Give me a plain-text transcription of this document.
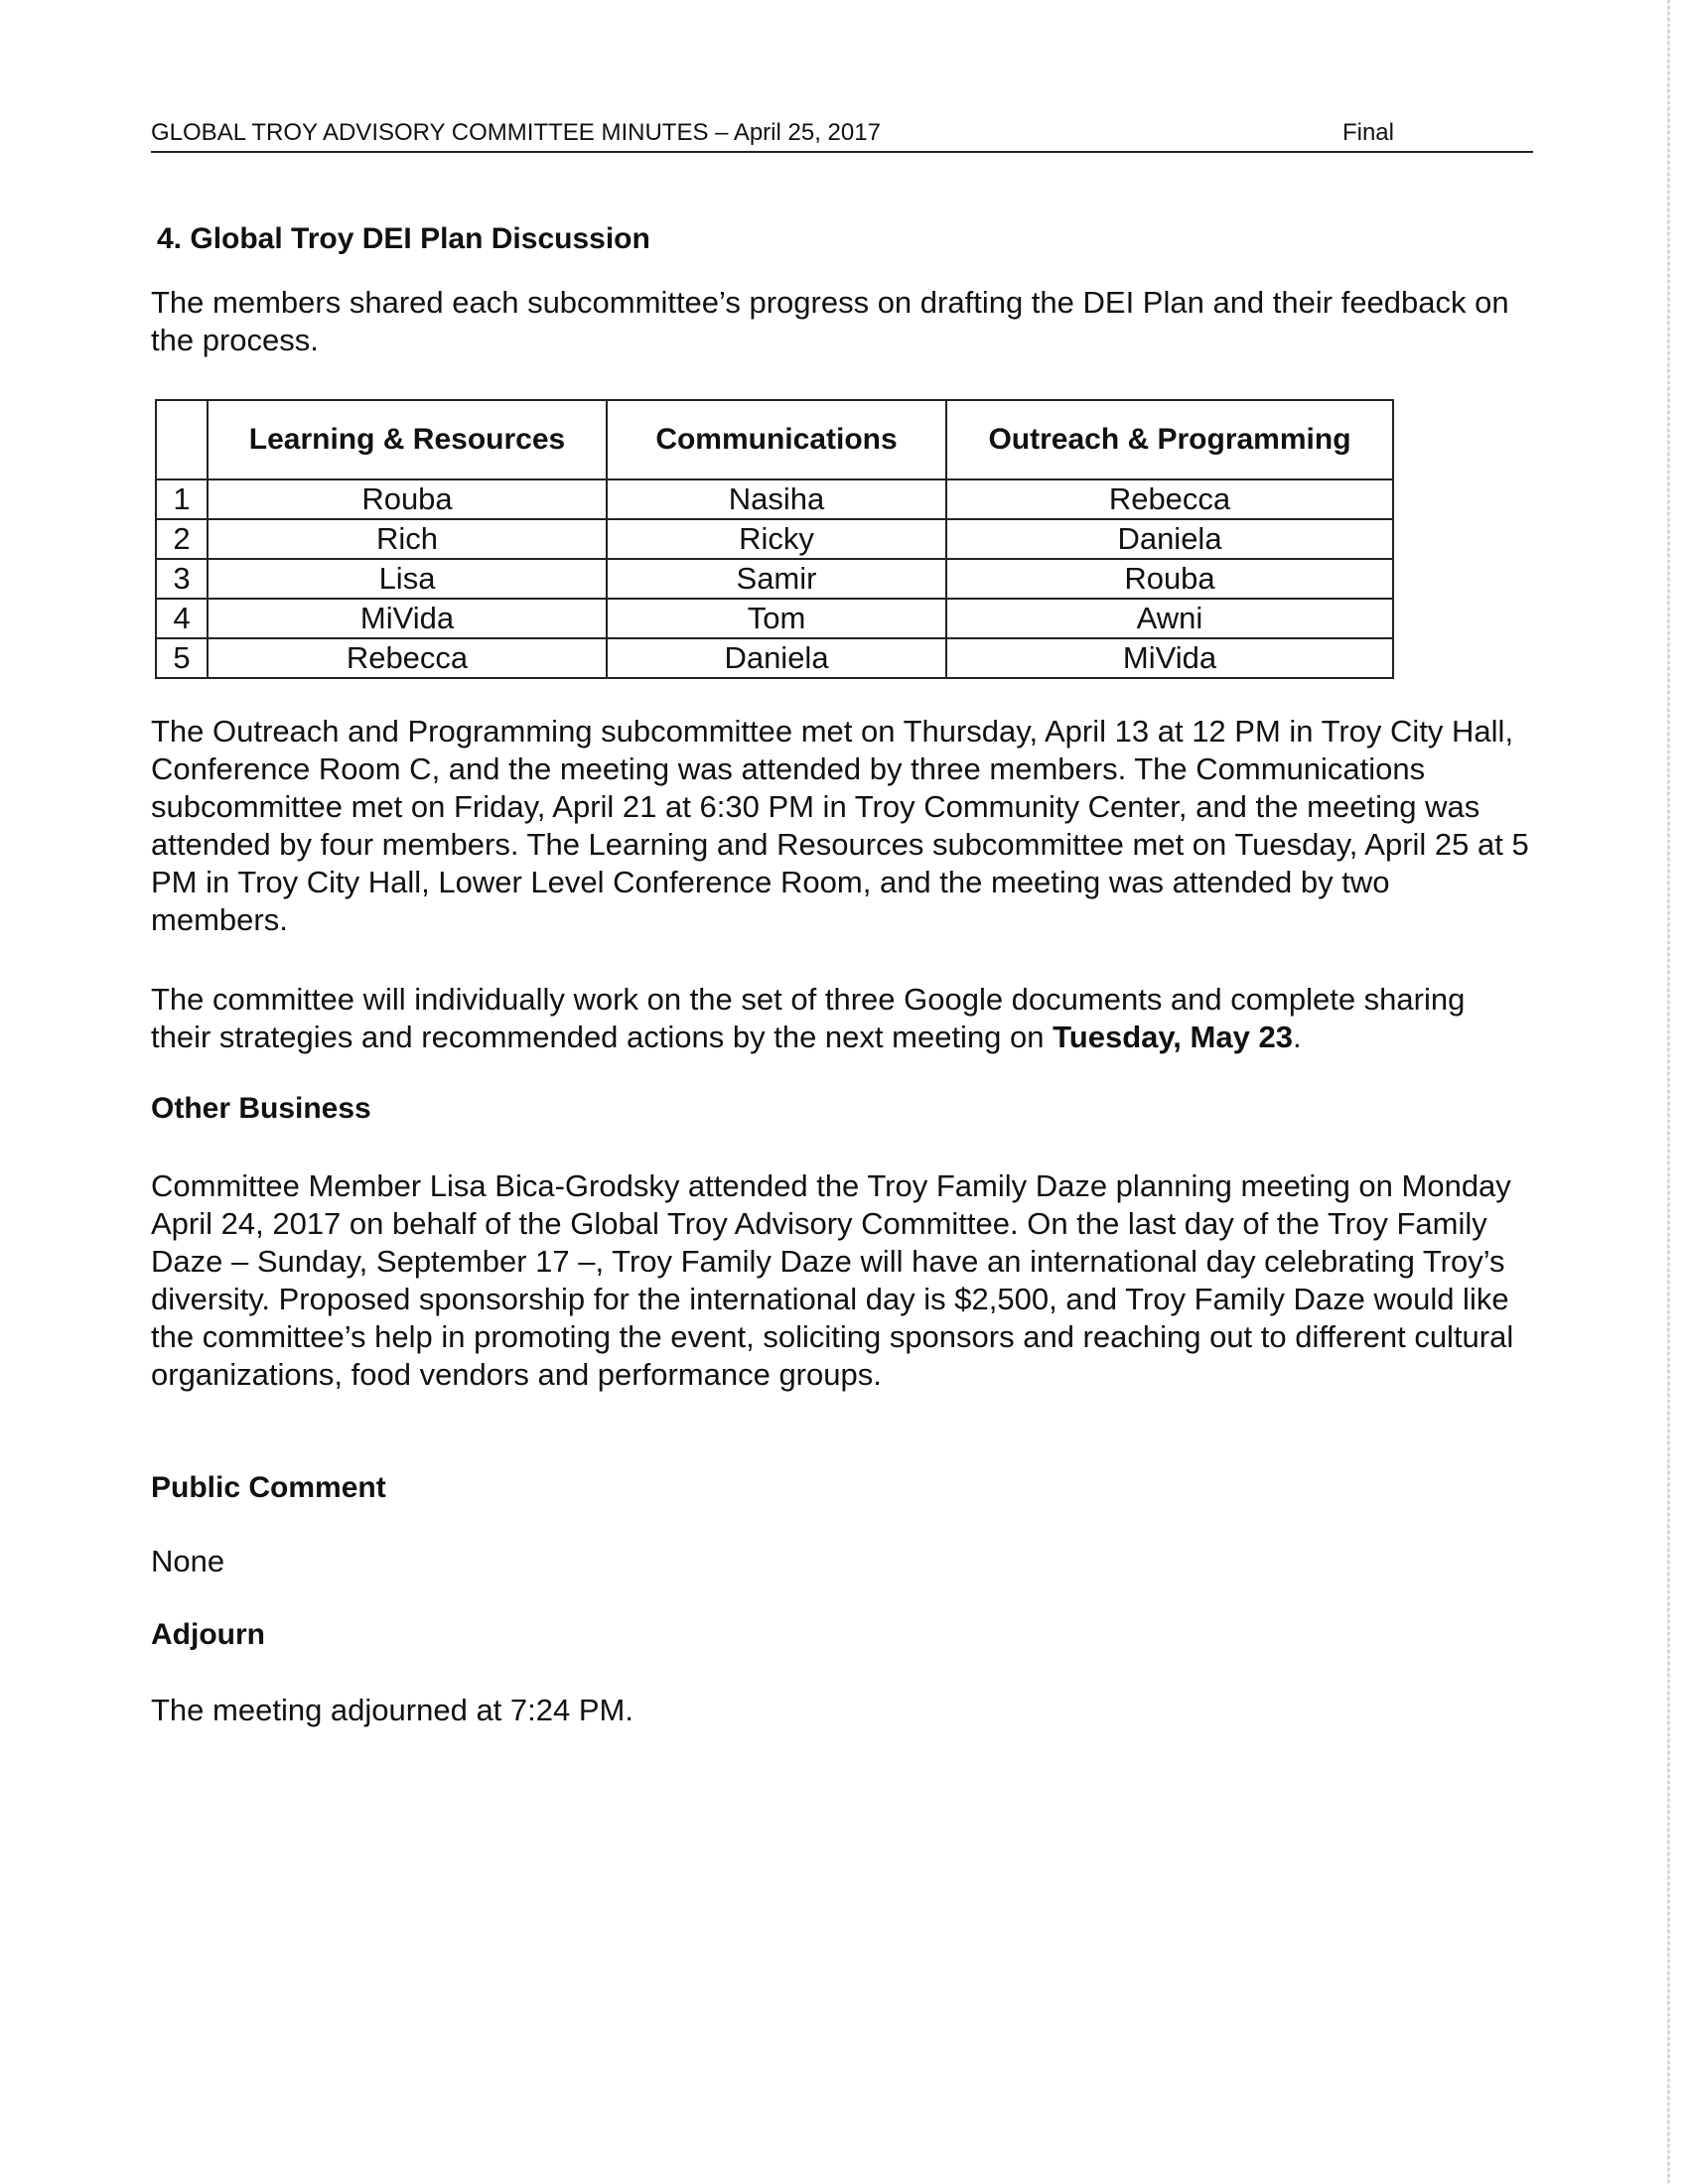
GLOBAL TROY ADVISORY COMMITTEE MINUTES – April 25, 2017	Final
4. Global Troy DEI Plan Discussion

The members shared each subcommittee’s progress on drafting the DEI Plan and their feedback on the process.

	Learning & Resources	Communications	Outreach & Programming
1	Rouba	Nasiha	Rebecca
2	Rich	Ricky	Daniela
3	Lisa	Samir	Rouba
4	MiVida	Tom	Awni
5	Rebecca	Daniela	MiVida

The Outreach and Programming subcommittee met on Thursday, April 13 at 12 PM in Troy City Hall, Conference Room C, and the meeting was attended by three members. The Communications subcommittee met on Friday, April 21 at 6:30 PM in Troy Community Center, and the meeting was attended by four members. The Learning and Resources subcommittee met on Tuesday, April 25 at 5 PM in Troy City Hall, Lower Level Conference Room, and the meeting was attended by two members.

The committee will individually work on the set of three Google documents and complete sharing their strategies and recommended actions by the next meeting on Tuesday, May 23.

Other Business

Committee Member Lisa Bica-Grodsky attended the Troy Family Daze planning meeting on Monday April 24, 2017 on behalf of the Global Troy Advisory Committee. On the last day of the Troy Family Daze – Sunday, September 17 –, Troy Family Daze will have an international day celebrating Troy’s diversity. Proposed sponsorship for the international day is $2,500, and Troy Family Daze would like the committee’s help in promoting the event, soliciting sponsors and reaching out to different cultural organizations, food vendors and performance groups.

Public Comment

None

Adjourn

The meeting adjourned at 7:24 PM.
